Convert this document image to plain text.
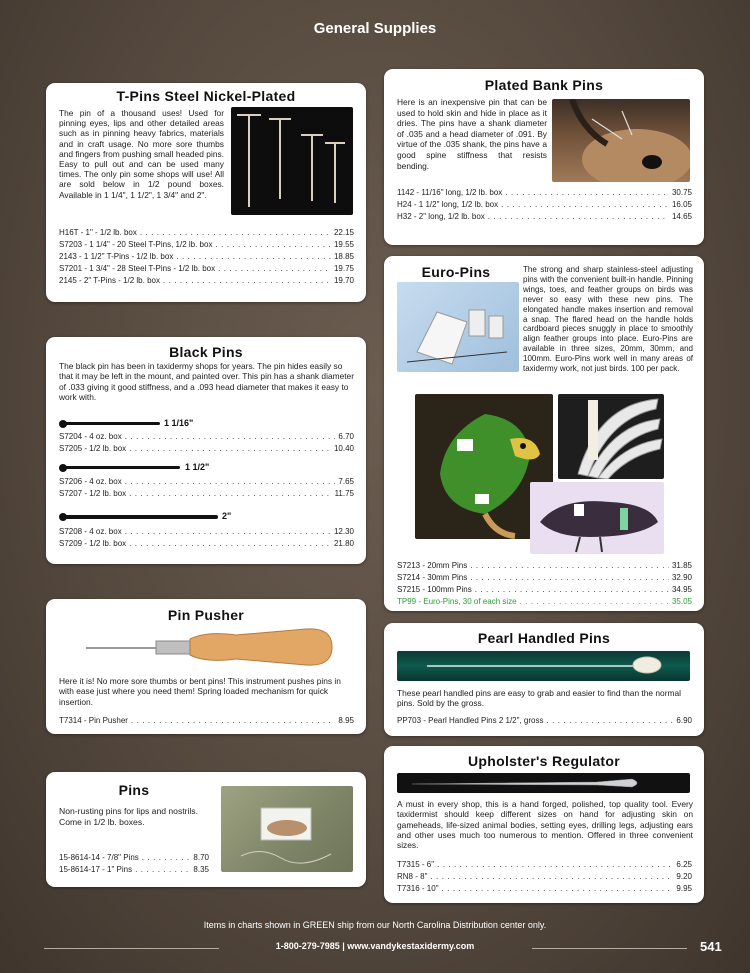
General Supplies
T-Pins Steel Nickel-Plated
The pin of a thousand uses! Used for pinning eyes, lips and other detailed areas such as in pinning heavy fabrics, materials and in craft usage. No more sore thumbs and fingers from pushing small headed pins. Easy to pull out and can be used many times. The only pin some shops will use! All are sold below in 1/2 pound boxes. Available in 1 1/4", 1 1/2", 1 3/4" and 2".
H16T - 1" - 1/2 lb. box . . .	22.15
S7203 - 1 1/4" - 20 Steel T-Pins, 1/2 lb. box . . .	19.55
2143 - 1 1/2" T-Pins - 1/2 lb. box . . .	18.85
S7201 - 1 3/4" - 28 Steel T-Pins - 1/2 lb. box . . .	19.75
2145 - 2" T-Pins - 1/2 lb. box . . .	19.70
Black Pins
The black pin has been in taxidermy shops for years. The pin hides easily so that it may be left in the mount, and painted over. This pin has a shank diameter of .033 giving it good stiffness, and a .093 head diameter that makes it easy to work with.
1 1/16"
S7204 - 4 oz. box . . .	6.70
S7205 - 1/2 lb. box . . .	10.40
1 1/2"
S7206 - 4 oz. box . . .	7.65
S7207 - 1/2 lb. box . . .	11.75
2"
S7208 - 4 oz. box . . .	12.30
S7209 - 1/2 lb. box . . .	21.80
Pin Pusher
Here it is! No more sore thumbs or bent pins! This instrument pushes pins in with ease just where you need them! Spring loaded mechanism for quick insertion.
T7314 - Pin Pusher . . .	8.95
Pins
Non-rusting pins for lips and nostrils. Come in 1/2 lb. boxes.
15-8614-14 - 7/8" Pins . . .	8.70
15-8614-17 - 1" Pins . . .	8.35
Plated Bank Pins
Here is an inexpensive pin that can be used to hold skin and hide in place as it dries. The pins have a shank diameter of .035 and a head diameter of .091. By virtue of the .035 shank, the pins have a good spine stiffness that resists bending.
1142 - 11/16" long, 1/2 lb. box . . .	30.75
H24 - 1 1/2" long, 1/2 lb. box . . .	16.05
H32 - 2" long, 1/2 lb. box . . .	14.65
Euro-Pins	The strong and sharp stainless-steel adjusting pins with the convenient built-in handle. Pinning wings, toes, and feather groups on birds was never so easy with these new pins. The elongated handle makes insertion and removal a snap. The flared head on the handle holds cardboard pieces snuggly in place to smoothly align feather groups into place. Euro-Pins are available in three sizes, 20mm, 30mm, and 100mm. Euro-Pins work well in many areas of taxidermy work, not just birds. 100 per pack.
S7213 - 20mm Pins . . .	31.85
S7214 - 30mm Pins . . .	32.90
S7215 - 100mm Pins . . .	34.95
TP99 - Euro-Pins, 30 of each size . . .	35.05
Pearl Handled Pins
These pearl handled pins are easy to grab and easier to find than the normal pins. Sold by the gross.
PP703 - Pearl Handled Pins 2 1/2", gross . . .	6.90
Upholster's Regulator
A must in every shop, this is a hand forged, polished, top quality tool. Every taxidermist should keep different sizes on hand for adjusting skin on gameheads, life-sized animal bodies, setting eyes, drilling legs, adjusting ears and other uses much too numerous to mention. Offered in three convenient sizes.
T7315 - 6" . . .	6.25
RN8 - 8" . . .	9.20
T7316 - 10" . . .	9.95
Items in charts shown in GREEN ship from our North Carolina Distribution center only.
1-800-279-7985 | www.vandykestaxidermy.com	541
